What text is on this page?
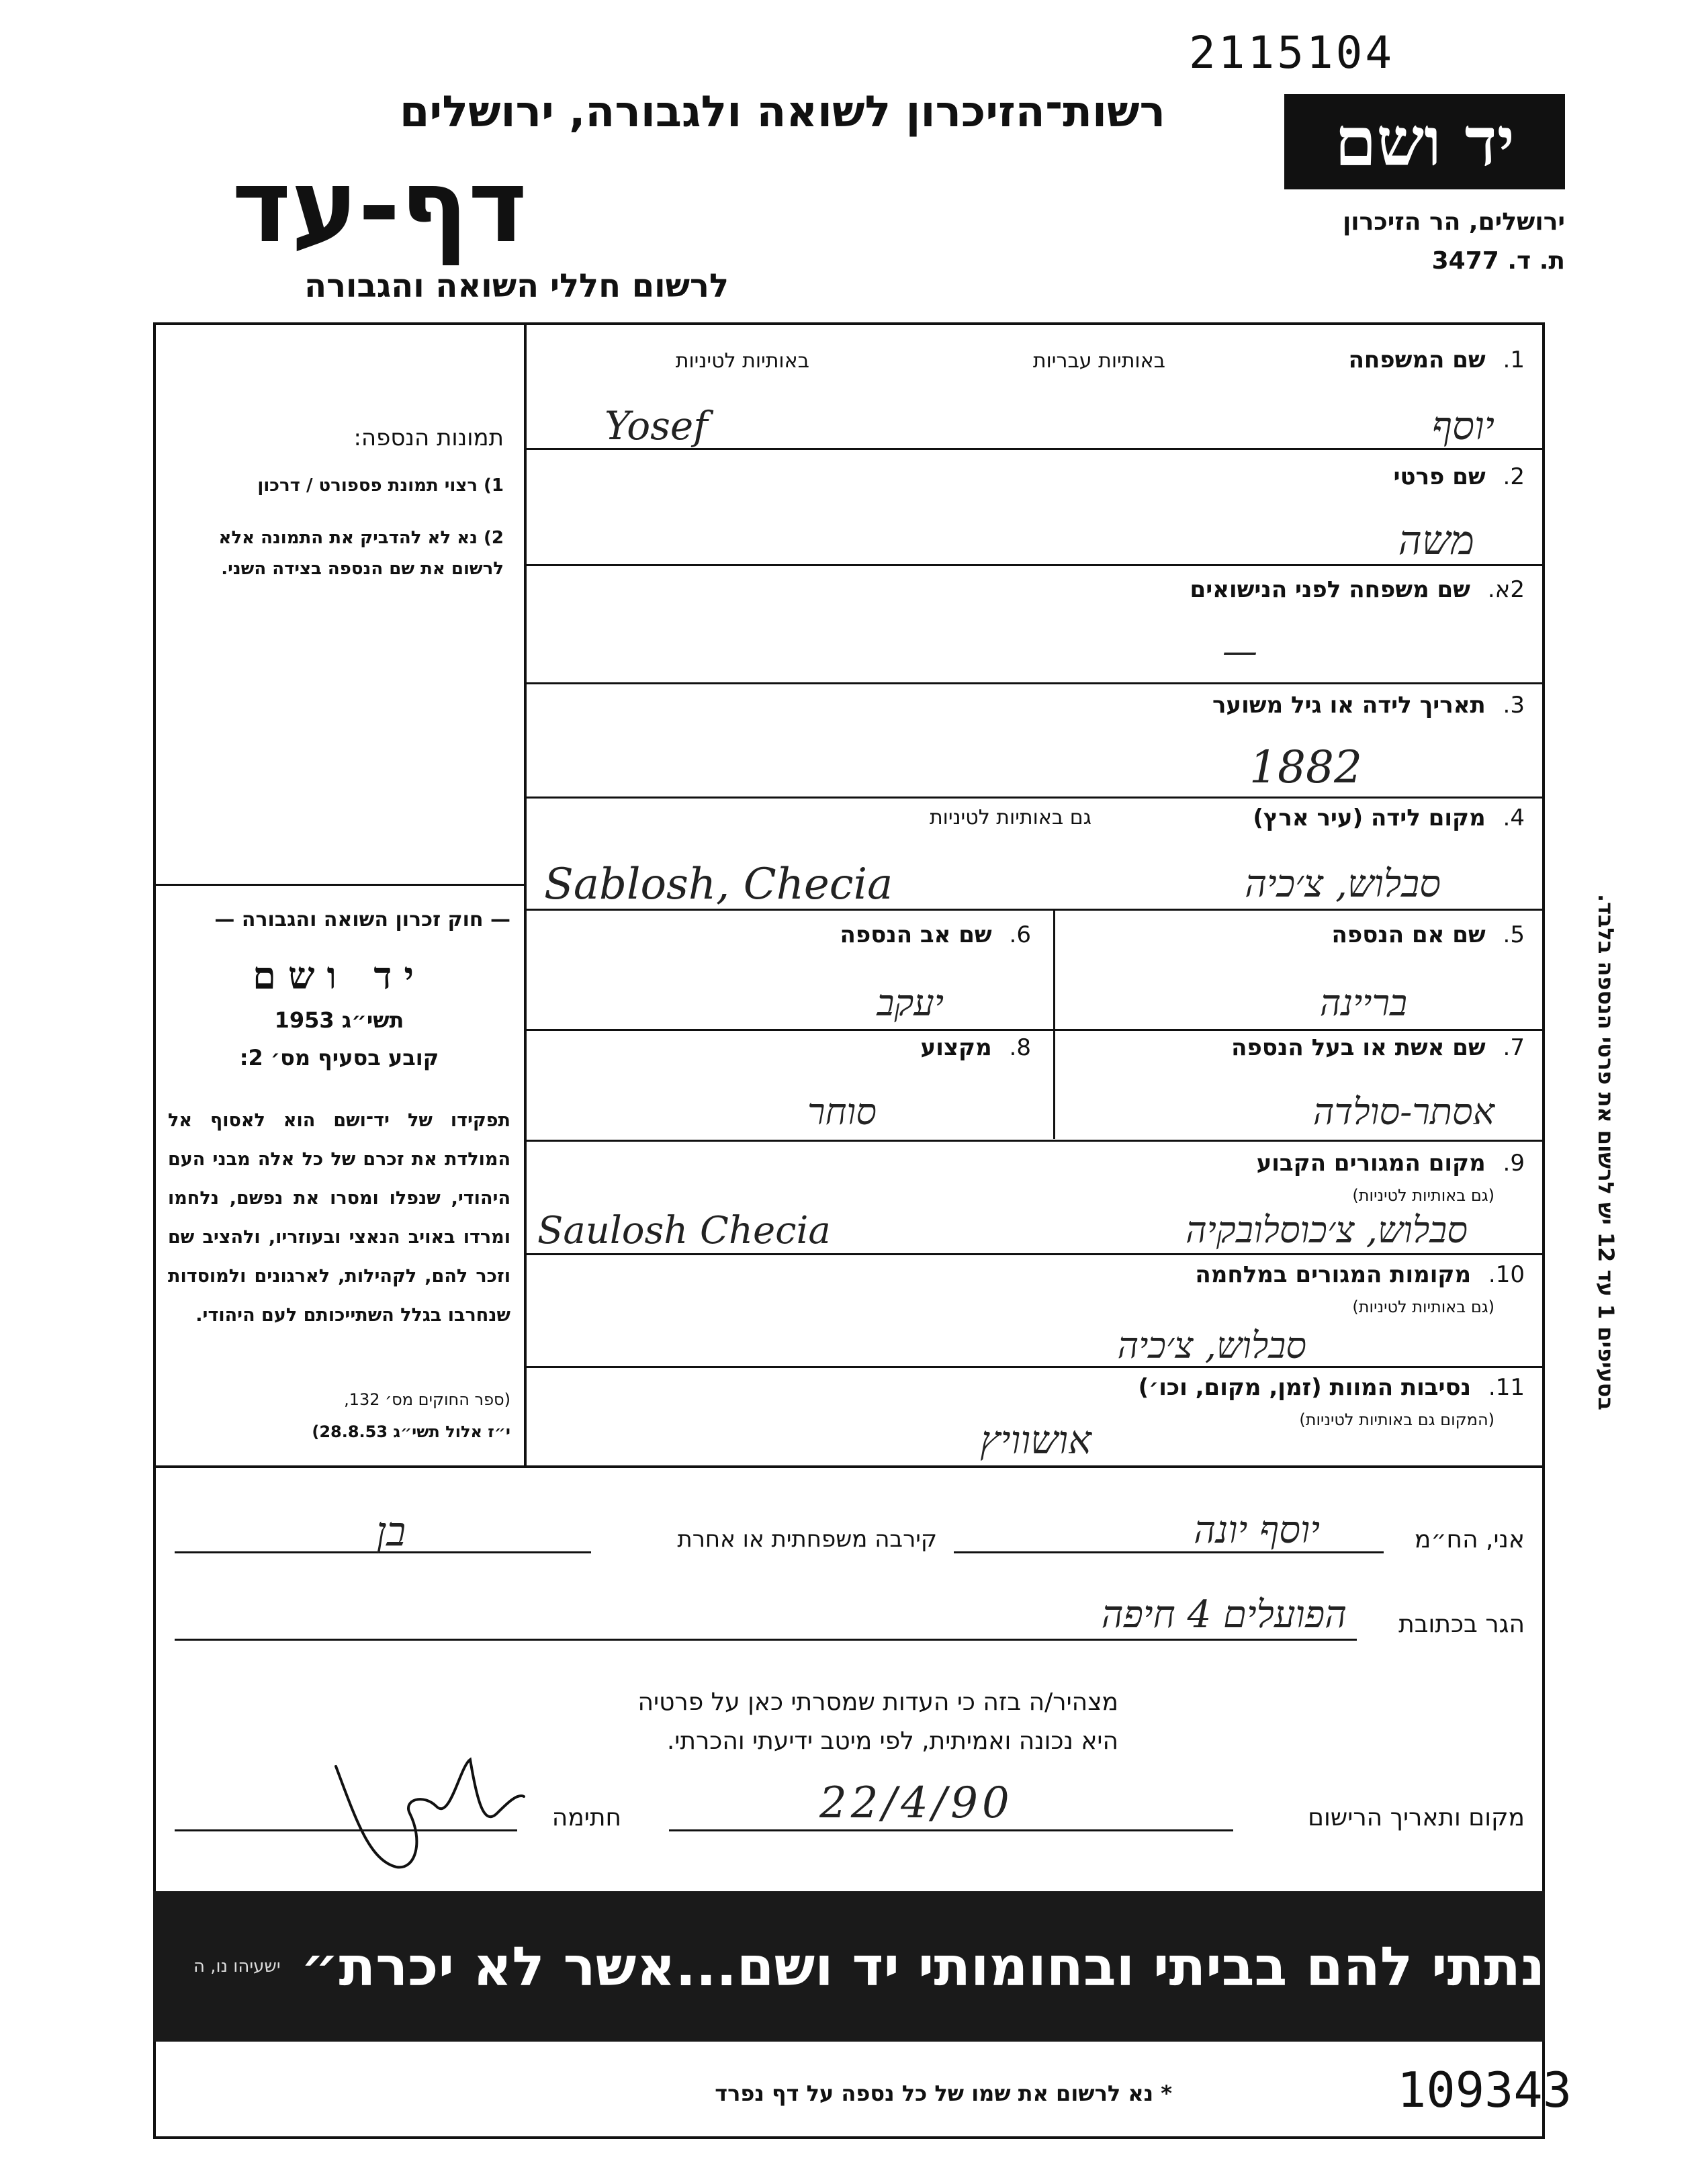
2115104
רשות־הזיכרון לשואה ולגבורה, ירושלים
דף-עד
לרשום חללי השואה והגבורה
יד ושם
ירושלים, הר הזיכרון
ת. ד. 3477
תמונות הנספה:
1) רצוי תמונת פספורט / דרכון
2) נא לא להדביק את התמונה אלא לרשום את שם הנספה בצידה השני.
— חוק זכרון השואה והגבורה —
יד ושם
תשי״ג 1953
קובע בסעיף מס׳ 2:
תפקידו של יד־ושם הוא לאסוף אל המולדת את זכרם של כל אלה מבני העם היהודי, שנפלו ומסרו את נפשם, נלחמו ומרדו באויב הנאצי ובעוזריו, ולהציב שם וזכר להם, לקהילות, לארגונים ולמוסדות שנחרבו בגלל השתייכותם לעם היהודי.
(ספר החוקים מס׳ 132,
י״ז אלול תשי״ג 28.8.53)
בסעיפים 1 עד 12 יש לרשום את פרטי הנספה בלבד.
1. שם המשפחה
באותיות עבריות
באותיות לטיניות
Yosef	יוסף
2. שם פרטי
משה
2א. שם משפחה לפני הנישואים
—
3. תאריך לידה או גיל משוער
1882
4. מקום לידה (עיר ארץ)
גם באותיות לטיניות
Sablosh, Checia	סבלוש, צ׳כיה
5. שם אם הנספה
בריינה
6. שם אב הנספה
יעקב
7. שם אשת או בעל הנספה
אסתר-סולדה
8. מקצוע
סוחר
9. מקום המגורים הקבוע
(גם באותיות לטיניות)
Saulosh Checia	סבלוש, צ׳כוסלובקיה
10. מקומות המגורים במלחמה
(גם באותיות לטיניות)
סבלוש, צ׳כיה
11. נסיבות המוות (זמן, מקום, וכו׳)
(המקום גם באותיות לטיניות)
אושוויץ
אני, הח״מ
יוסף יונה
קירבה משפחתית או אחרת
בן
הגר בכתובת
הפועלים 4 חיפה
מצהיר/ה בזה כי העדות שמסרתי כאן על פרטיה
היא נכונה ואמיתית, לפי מיטב ידיעתי והכרתי.
מקום ותאריך הרישום
22/4/90
חתימה
״...ונתתי להם בביתי ובחומותי יד ושם...אשר לא יכרת״
ישעיהו נו, ה
* נא לרשום את שמו של כל נספה על דף נפרד	109343
